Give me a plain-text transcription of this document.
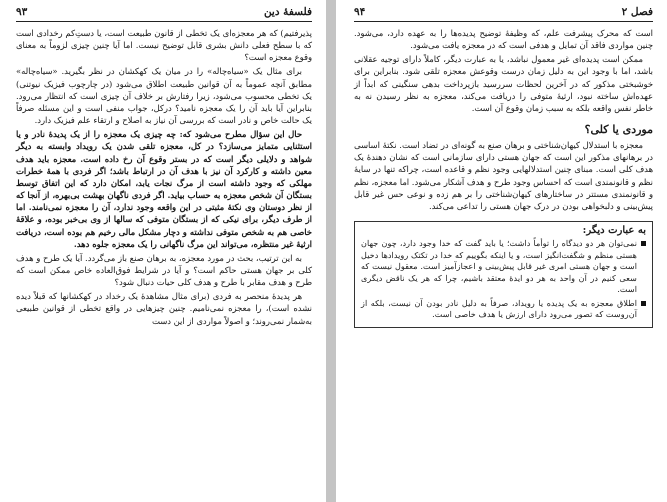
فلسفهٔ دین
۹۳

پذیرفتیم) که هر معجزه‌ای یک تخطی از قانون طبیعت است، یا دستِ‌کم رخدادی است که با سطح فعلی دانش بشری قابل توضیح نیست. اما آیا چنین چیزی لزوماً به معنای وقوع معجزه است؟

برای مثال یک «سیاه‌چاله» را در میان یک کهکشان در نظر بگیرید. «سیاه‌چاله» مطابق آنچه عموماً به آن قوانین طبیعت اطلاق می‌شود (در چارچوب فیزیک نیوتنی) یک تخطی محسوب می‌شود، زیرا رفتارش بر خلاف آن چیزی است که انتظار می‌رود. بنابراین آیا باید آن را یک معجزه نامید؟ درکل، جواب منفی است و این مسئله صرفاً یک حالت خاص و نادر است که بررسی آن نیاز به اصلاح و ارتقاء علم فیزیک دارد.

حال این سؤال مطرح می‌شود که: چه چیزی یک معجزه را از یک پدیدهٔ نادر و یا استثنایی متمایز می‌سازد؟ در کل، معجزه تلقی شدن یک رویداد وابسته به دیگر شواهد و دلایلی دیگر است که در بستر وقوع آن رخ داده است. معجزه باید هدف معین داشته و کارکرد آن نیز با هدف آن در ارتباط باشد؛ اگر فردی با همهٔ خطرات مهلکی که وجود داشته است از مرگ نجات یابد، امکان دارد که این اتفاق توسط بستگان آن شخص معجزه به حساب بیاید. اگر فردی ناگهان بهشت بی‌بهره، از آنجا که از نظر دوستان وی نکتهٔ مثبتی در این واقعه وجود ندارد، آن را معجزه نمی‌نامند. اما از طرف دیگر، برای نیکی که از بستگان متوفی که سالها از وی بی‌خبر بوده، و علاقهٔ خاصی هم به شخص متوفی نداشته و دچار مشکل مالی رخیم هم بوده است، دریافت ارثیهٔ غیر منتظره، می‌تواند این مرگ ناگهانی را یک معجزه جلوه دهد.

به این ترتیب، بحث در مورد معجزه، به برهان صنع باز می‌گردد. آیا یک طرح و هدف کلی بر جهان هستی حاکم است؟ و آیا در شرایط فوق‌العاده خاص ممکن است که طرح و هدف مقابر با طرح و هدف کلی حیات دنبال شود؟

هر پدیدهٔ منحصر به فردی (برای مثال مشاهدهٔ یک رخداد در کهکشانها که قبلاً دیده نشده است)، را معجزه نمی‌نامیم. چنین چیزهایی در واقع تخطی از قوانین طبیعی به‌شمار نمی‌روند؛ و اصولاً مواردی از این دست

فصل ۲
۹۴

است که محرک پیشرفت علم، که وظیفهٔ توضیح پدیده‌ها را به عهده دارد، می‌شود. چنین مواردی فاقد آن تمایل و هدفی است که در معجزه یافت می‌شود.

ممکن است پدیده‌ای غیر معمول نباشد، یا به عبارت دیگر، کاملاً دارای توجیه عقلانی باشد، اما با وجود این به دلیل زمان درست وقوعش معجزه تلقی شود. بنابراین برای خوشبختی مذکور که در آخرین لحظات سررسید بازپرداخت بدهی سنگینی که ابداً از عهده‌اش ساخته نبود، ارثیهٔ متوفی را دریافت می‌کند، معجزه به نظر رسیدن نه به خاطر نفس واقعه بلکه به سبب زمان وقوع آن است.

موردی یا کلی؟

معجزه با استدلال کیهان‌شناختی و برهان صنع به گونه‌ای در تضاد است. نکتهٔ اساسی در برهانهای مذکور این است که جهان هستی دارای سازمانی است که نشان دهندهٔ یک هدف کلی است. مبنای چنین استدلالهایی وجود نظم و قاعده است، چراکه تنها در سایهٔ نظم و قانونمندی است که احساس وجود طرح و هدف آشکار می‌شود. اما معجزه، نظم و قانونمندی مستتر در ساختارهای کیهان‌شناختی را بر هم زده و نوعی حس غیر قابل پیش‌بینی و دلبخواهی بودن در درک جهان هستی را تداعی می‌کند.

به عبارت دیگر:
نمی‌توان هر دو دیدگاه را توأماً داشت؛ یا باید گفت که خدا وجود دارد، چون جهان هستی منظم و شگفت‌انگیز است، و یا اینکه بگوییم که خدا در تکتک رویدادها دخیل است و جهان هستی امری غیر قابل پیش‌بینی و اعجازآمیز است. معقول نیست که سعی کنیم در آن واحد به هر دو ایدهٔ معتقد باشیم، چرا که هر یک ناقض دیگری است.
اطلاق معجزه به یک پدیده یا رویداد، صرفاً به دلیل نادر بودن آن نیست، بلکه از آن‌روست که تصور می‌رود دارای ارزش یا هدف خاصی است.
